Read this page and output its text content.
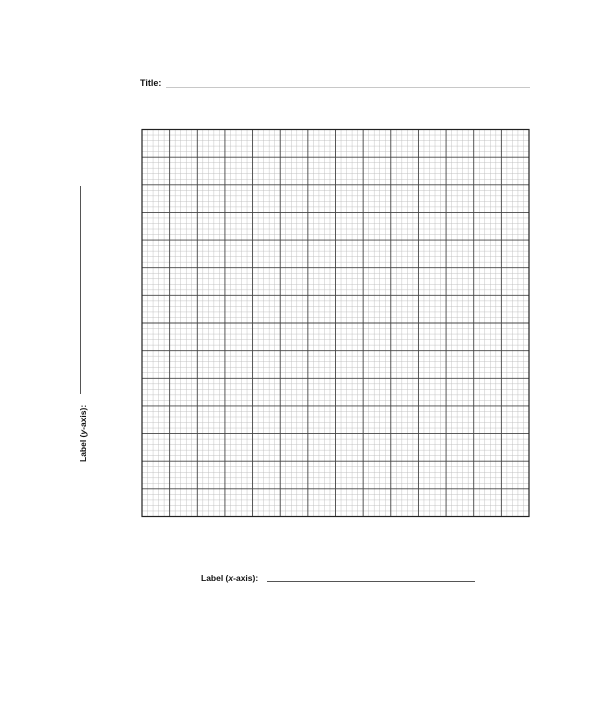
Title:
Label (y-axis):
Label (x-axis):
